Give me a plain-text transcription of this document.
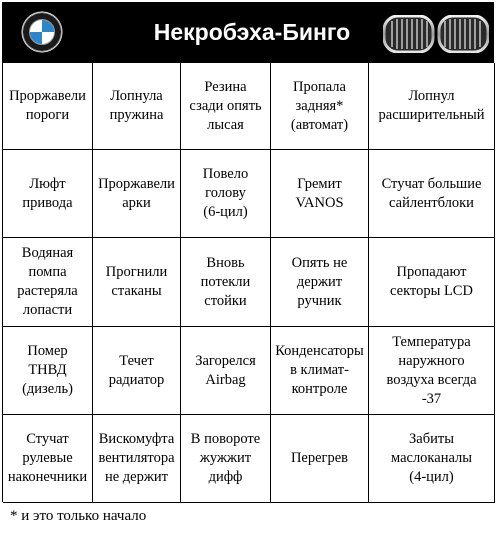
Некробэха-Бинго
Проржавели
пороги
Лопнула
пружина
Резина
сзади опять
лысая
Пропала
задняя*
(автомат)
Лопнул
расширительный
Люфт
привода
Проржавели
арки
Повело
голову
(6-цил)
Гремит
VANOS
Стучат большие
сайлентблоки
Водяная
помпа
растеряла
лопасти
Прогнили
стаканы
Вновь
потекли
стойки
Опять не
держит
ручник
Пропадают
секторы LCD
Помер
ТНВД
(дизель)
Течет
радиатор
Загорелся
Airbag
Конденсаторы
в климат-
контроле
Температура
наружного
воздуха всегда
-37
Стучат
рулевые
наконечники
Вискомуфта
вентилятора
не держит
В повороте
жужжит
дифф
Перегрев
Забиты
маслоканалы
(4-цил)
* и это только начало
